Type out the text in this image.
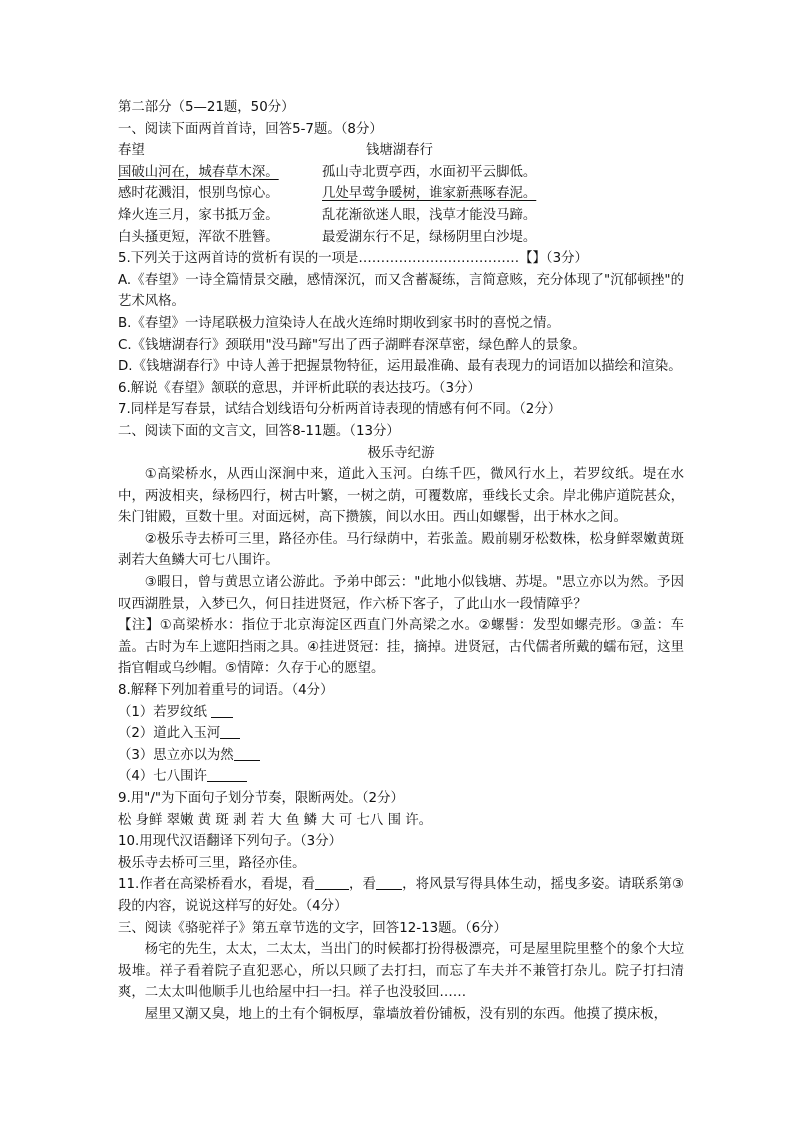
第二部分（5—21题，50分）
一、阅读下面两首首诗，回答5-7题。（8分）
春望	钱塘湖春行
国破山河在，城春草木深。	孤山寺北贾亭西，水面初平云脚低。
感时花溅泪，恨别鸟惊心。	几处早莺争暖树，谁家新燕啄春泥。
烽火连三月，家书抵万金。	乱花渐欲迷人眼，浅草才能没马蹄。
白头搔更短，浑欲不胜簪。	最爱湖东行不足，绿杨阴里白沙堤。
5.下列关于这两首诗的赏析有误的一项是………………………………【】（3分）
A.《春望》一诗全篇情景交融，感情深沉，而又含蓄凝练，言简意赅，充分体现了"沉郁顿挫"的艺术风格。
B.《春望》一诗尾联极力渲染诗人在战火连绵时期收到家书时的喜悦之情。
C.《钱塘湖春行》颈联用"没马蹄"写出了西子湖畔春深草密，绿色醉人的景象。
D.《钱塘湖春行》中诗人善于把握景物特征，运用最准确、最有表现力的词语加以描绘和渲染。
6.解说《春望》颔联的意思，并评析此联的表达技巧。（3分）
7.同样是写春景，试结合划线语句分析两首诗表现的情感有何不同。（2分）
二、阅读下面的文言文，回答8-11题。（13分）
极乐寺纪游
①高梁桥水，从西山深涧中来，道此入玉河。白练千匹，微风行水上，若罗纹纸。堤在水中，两波相夹，绿杨四行，树古叶繁，一树之荫，可覆数席，垂线长丈余。岸北佛庐道院甚众，朱门钳殿，亘数十里。对面远树，高下攒簇，间以水田。西山如螺髻，出于林水之间。
②极乐寺去桥可三里，路径亦佳。马行绿荫中，若张盖。殿前剔牙松数株，松身鲜翠嫩黄斑剥若大鱼鳞大可七八围许。
③暇日，曾与黄思立诸公游此。予弟中郎云："此地小似钱塘、苏堤。"思立亦以为然。予因叹西湖胜景，入梦已久，何日挂进贤冠，作六桥下客子，了此山水一段情障乎？
【注】①高梁桥水：指位于北京海淀区西直门外高梁之水。②螺髻：发型如螺壳形。③盖：车盖。古时为车上遮阳挡雨之具。④挂进贤冠：挂，摘掉。进贤冠，古代儒者所戴的蠕布冠，这里指官帽或乌纱帽。⑤情障：久存于心的愿望。
8.解释下列加着重号的词语。（4分）
（1）若罗纹纸
（2）道此入玉河
（3）思立亦以为然
（4）七八围许
9.用"/"为下面句子划分节奏，限断两处。（2分）
松 身鲜 翠嫩 黄 斑 剥 若 大 鱼 鳞 大 可 七八 围 许。
10.用现代汉语翻译下列句子。（3分）
极乐寺去桥可三里，路径亦佳。
11.作者在高梁桥看水，看堤，看	，看 ，将风景写得具体生动，摇曳多姿。请联系第③段的内容，说说这样写的好处。（4分）
三、阅读《骆驼祥子》第五章节选的文字，回答12-13题。（6分）
杨宅的先生，太太，二太太，当出门的时候都打扮得极漂亮，可是屋里院里整个的象个大垃圾堆。祥子看着院子直犯恶心，所以只顾了去打扫，而忘了车夫并不兼管打杂儿。院子打扫清爽，二太太叫他顺手儿也给屋中扫一扫。祥子也没驳回……
屋里又潮又臭，地上的土有个铜板厚，靠墙放着份铺板，没有别的东西。他摸了摸床板，
